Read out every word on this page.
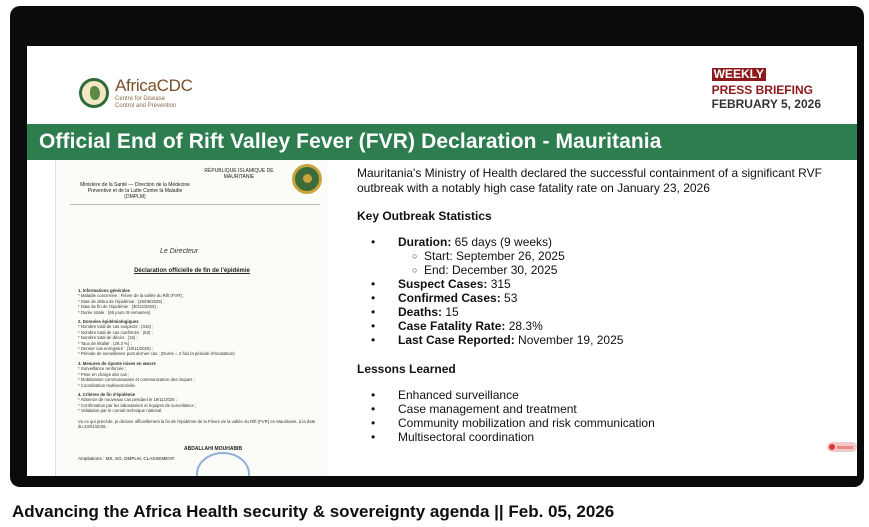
AfricaCDC
Centre for Disease Control and Prevention
WEEKLY
PRESS BRIEFING
FEBRUARY 5, 2026
Official End of Rift Valley Fever (FVR) Declaration - Mauritania
Ministère de la Santé — Direction de la Médecine Préventive et de la Lutte Contre la Maladie (DMPLM)
RÉPUBLIQUE ISLAMIQUE DE MAURITANIE
Le Directeur
Déclaration officielle de fin de l'épidémie
1. Informations générales
* Maladie concernée : Fièvre de la vallée du Rift (FVR) ;
* Date de début de l'épidémie : (26/09/2025) ;
* Date de fin de l'épidémie : (30/12/2025) ;
* Durée totale : (65 jours /9 semaines)
2. Données épidémiologiques
* Nombre total de cas suspects : (315) ;
* Nombre total de cas confirmés : (53) ;
* Nombre total de décès : (15) ;
* Taux de létalité : (28.3 %) ;
* Dernier cas enregistré : (19/11/2025) ;
* Période de surveillance post dernier cas : (Durée = 2 fois la période d'incubation)
3. Mesures de riposte mises en œuvre
* Surveillance renforcée ;
* Prise en charge des cas ;
* Mobilisation communautaire et communication des risques ;
* Coordination multisectorielle.
4. Critères de fin d'épidémie
* Absence de nouveaux cas pendant le 19/11/2025 ;
* Confirmation par les laboratoires et équipes de surveillance ;
* Validation par le comité technique national
Vu ce qui précède, je déclare officiellement la fin de l'épidémie de la Fièvre de la vallée du Rift (FVR) en Mauritanie, à la date du 23/01/2026.
ABDALLAHI MOUHABIB
Ampliations : MS, SG, DMPLM, CLASSEMENT.

Mauritania's Ministry of Health declared the successful containment of a significant RVF outbreak with a notably high case fatality rate on January 23, 2026

Key Outbreak Statistics
• Duration: 65 days (9 weeks)
○ Start: September 26, 2025
○ End: December 30, 2025
• Suspect Cases: 315
• Confirmed Cases: 53
• Deaths: 15
• Case Fatality Rate: 28.3%
• Last Case Reported: November 19, 2025
Lessons Learned
• Enhanced surveillance
• Case management and treatment
• Community mobilization and risk communication
• Multisectoral coordination
Advancing the Africa Health security & sovereignty agenda || Feb. 05, 2026
